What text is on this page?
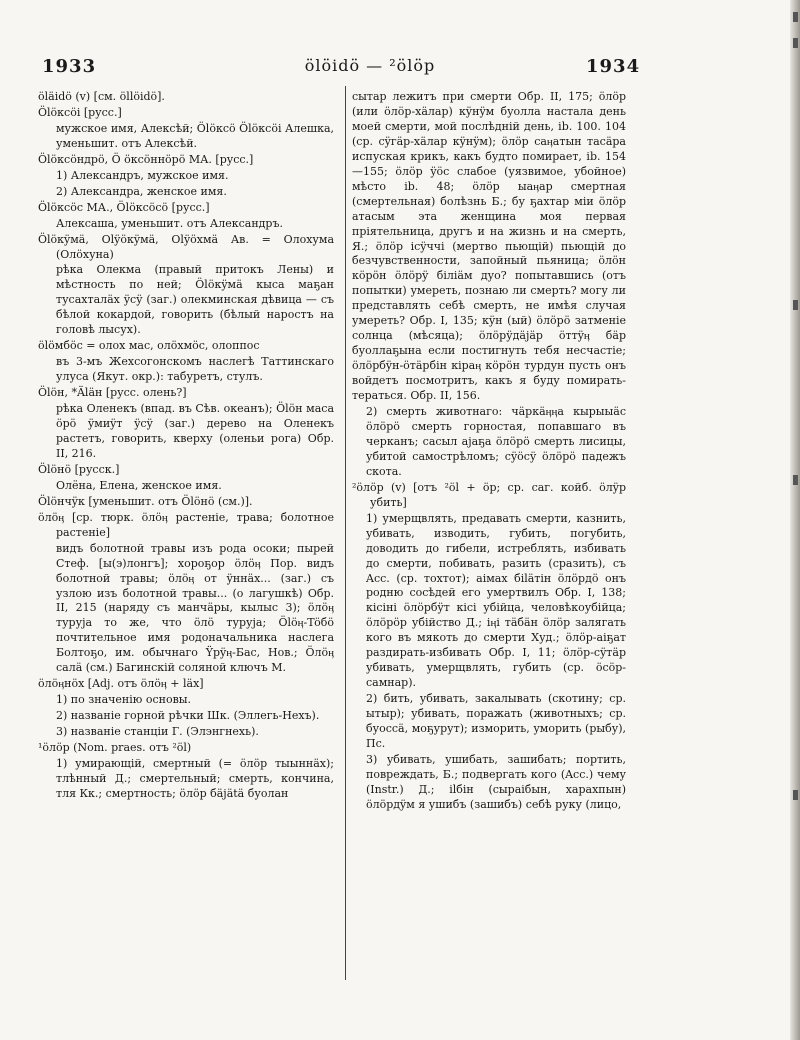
1933	ölöidö — ²ölöp	1934

öläidö (v) [см. öllöidö].

Ölöксöi [русс.]

мужское имя, Алексѣй; Ölöксö Ölöксöi Алешка, уменьшит. отъ Алексѣй.

Ölöксöндрö, Ö öксöннöрö МА. [русс.]

1) Александръ, мужское имя.

2) Александра, женское имя.

Ölöксöс МА., Ölöксöсö [русс.]

Алексаша, уменьшит. отъ Александръ.

Ölöкÿмä, Olÿöкÿмä, Olÿöхмä Ав. = Олохума (Олöхуна)

рѣка Олекма (правый притокъ Лены) и мѣстность по ней; Ölöкÿмä кыса маҕан тусахталäх ÿсÿ (заг.) олекминская дѣвица — съ бѣлой кокардой, говорить (бѣлый наростъ на головѣ лысух).

ölöмбöс = олох мас, олöхмöс, олоппос

въ 3-мъ Жехсогонскомъ наслегѣ Таттинскаго улуса (Якут. окр.): табуретъ, стулъ.

Ölöн, *Äläн [русс. олень?]

рѣка Оленекъ (впад. въ Сѣв. океанъ); Ölöн маса öрö ÿмиÿт ÿсÿ (заг.) дерево на Оленекъ растетъ, говорить, кверху (оленьи рога) Обр. II, 216.

Ölöнö [русск.]

Олёна, Елена, женское имя.

Ölöнчÿк [уменьшит. отъ Ölöнö (см.)].

öлöӊ [ср. тюрк. öлöӊ растеніе, трава; болотное растеніе]

видъ болотной травы изъ рода осоки; пырей Стеф. [ы(э)лонгъ]; хороҕор öлöӊ Пор. видъ болотной травы; öлöӊ от ÿннäх... (заг.) съ узлою изъ болотной травы... (о лагушкѣ) Обр. II, 215 (наряду съ манчäры, кылыс 3); öлöӊ туруjа то же, что öлö туруjа; Ölöӊ-Töбö почтительное имя родоначальника наслега Болтоҕо, им. обычнаго Ÿрÿӊ-Бас, Нов.; Öлöӊ салä (см.) Багинскій соляной ключъ М.

öлöӊнöх [Adj. отъ öлöӊ + läх]

1) по значенію основы.

2) названіе горной рѣчки Шк. (Эллегь-Нехъ).

3) названіе станціи Г. (Элэнгнехь).

¹öлöр (Nom. praes. отъ ²öl)

1) умирающій, смертный (= öлöр тыыннäх); тлѣнный Д.; смертельный; смерть, кончина, тля Кк.; смертность; öлöр бäjätä буолан

сытар лежитъ при смерти Обр. II, 175; öлöр (или öлöр-хäлар) кÿнÿм буолла настала день моей смерти, мой послѣдній день, ib. 100. 104 (ср. сÿгäр-хäлар кÿнÿм); öлöр саӊатын тасäра испуская крикъ, какъ будто помирает, ib. 154—155; öлöр ÿöc слабое (уязвимое, убойное) мѣсто ib. 48; öлöр ыаӊар смертная (смертельная) болѣзнь Б.; бу ҕахтар міи öлöр атасым эта женщина моя первая пріятельница, другъ и на жизнь и на смерть, Я.; öлöр іcÿччі (мертво пьющій) пьющій до безчувственности, запойный пьяница; öлöн кöрöн öлöрÿ бiліäм дуо? попытавшись (отъ попытки) умереть, познаю ли смерть? могу ли представлять себѣ смерть, не имѣя случая умереть? Обр. I, 135; кÿн (ый) öлöрö затменіе солнца (мѣсяца); öлöрӱдäjäр öттÿӊ бäр буоллаҕына если постигнуть тебя несчастіе; öлöрбÿн-öтäрбін кіраӊ кöрöн турдун пусть онъ войдетъ посмотритъ, какъ я буду помирать-тераться. Обр. II, 156.

2) смерть животнаго: чäркäӊӊа кырыыäс öлöрö смерть горностая, попавшаго въ черканъ; сасыл аjаҕа öлöрö смерть лисицы, убитой самострѣломъ; сÿöсÿ öлöрö падежъ скота.

²öлöр (v) [отъ ²öl + öр; ср. саг. койб. öлÿр убить]

1) умерщвлять, предавать смерти, казнить, убивать, изводить, губить, погубить, доводить до гибели, истреблять, избивать до смерти, побивать, разить (сразить), съ Acc. (ср. тохтот); аімах біläтін öлöрдö онъ родню сосѣдей его умертвилъ Обр. I, 138; кісiні öлöрбÿт кісі убійца, человѣкоубійца; öлöрöр убійство Д.; іӊі тäбäн öлöр залягать кого въ мякоть до смерти Худ.; öлöр-аіҕат раздирать-избивать Обр. I, 11; öлöр-сÿтäр убивать, умерщвлять, губить (ср. öсöр-самнар).

2) бить, убивать, закалывать (скотину; ср. ытыр); убивать, поражать (животныхъ; ср. буоссä, моҕурут); изморить, уморить (рыбу), Пс.

3) убивать, ушибать, зашибать; портить, повреждать, Б.; подвергать кого (Acc.) чему (Instr.) Д.; ilбін (сыраібын, харахпын) öлöрдÿм я ушибъ (зашибъ) себѣ руку (лицо,
